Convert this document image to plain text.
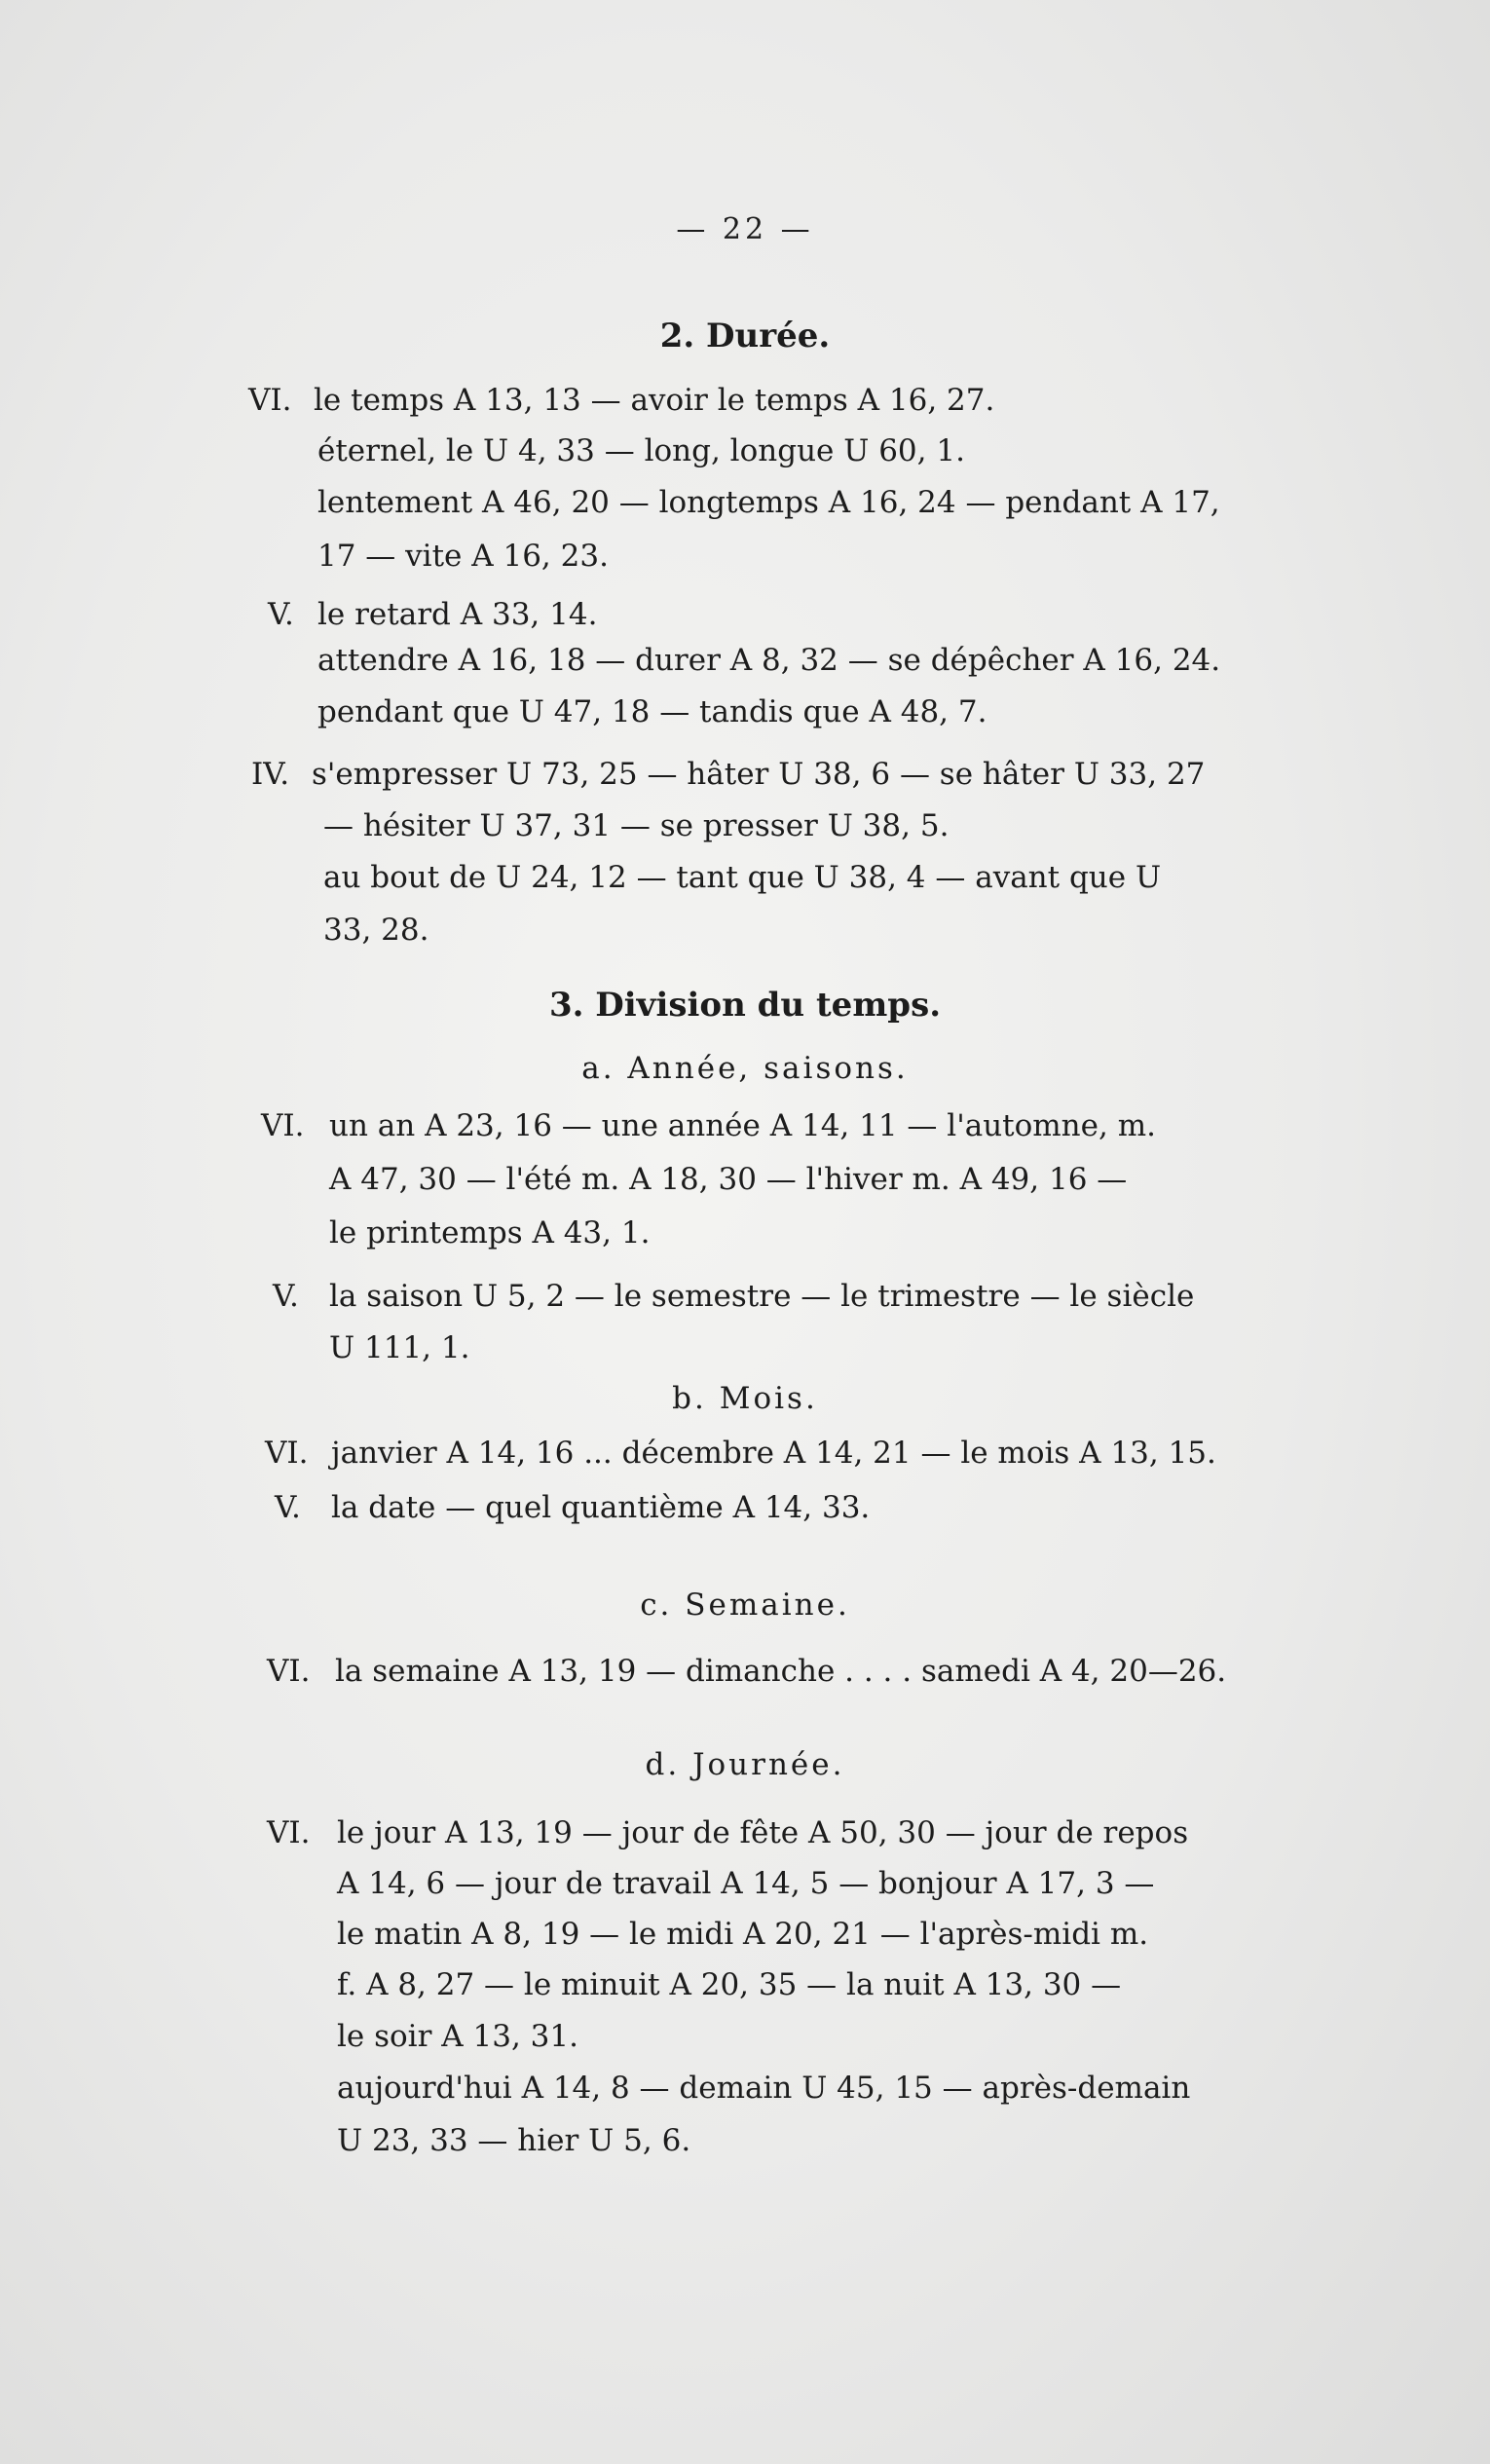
— 22 —
2. Durée.
VI. le temps A 13, 13 — avoir le temps A 16, 27.
éternel, le U 4, 33 — long, longue U 60, 1.
lentement A 46, 20 — longtemps A 16, 24 — pendant A 17,
17 — vite A 16, 23.
V. le retard A 33, 14.
attendre A 16, 18 — durer A 8, 32 — se dépêcher A 16, 24.
pendant que U 47, 18 — tandis que A 48, 7.
IV. s'empresser U 73, 25 — hâter U 38, 6 — se hâter U 33, 27
— hésiter U 37, 31 — se presser U 38, 5.
au bout de U 24, 12 — tant que U 38, 4 — avant que U
33, 28.
3. Division du temps.
a. Année, saisons.
VI. un an A 23, 16 — une année A 14, 11 — l'automne, m.
A 47, 30 — l'été m. A 18, 30 — l'hiver m. A 49, 16 —
le printemps A 43, 1.
V. la saison U 5, 2 — le semestre — le trimestre — le siècle
U 111, 1.
b. Mois.
VI. janvier A 14, 16 ... décembre A 14, 21 — le mois A 13, 15.
V. la date — quel quantième A 14, 33.
c. Semaine.
VI. la semaine A 13, 19 — dimanche . . . . samedi A 4, 20—26.
d. Journée.
VI. le jour A 13, 19 — jour de fête A 50, 30 — jour de repos
A 14, 6 — jour de travail A 14, 5 — bonjour A 17, 3 —
le matin A 8, 19 — le midi A 20, 21 — l'après-midi m.
f. A 8, 27 — le minuit A 20, 35 — la nuit A 13, 30 —
le soir A 13, 31.
aujourd'hui A 14, 8 — demain U 45, 15 — après-demain
U 23, 33 — hier U 5, 6.
